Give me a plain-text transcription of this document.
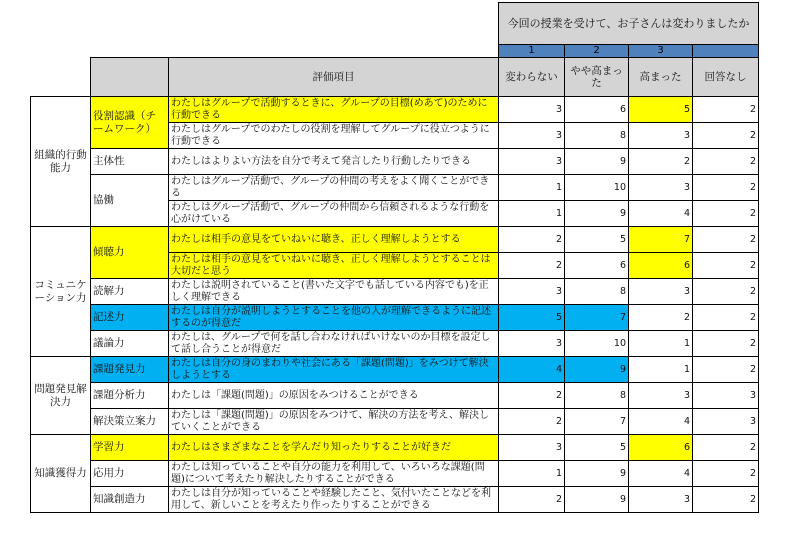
			今回の授業を受けて、お子さんは変わりましたか			
			1	2	3	
		評価項目	変わらない	やや高まった	高まった	回答なし
組織的行動能力	役割認識（チームワーク）	わたしはグループで活動するときに、グループの目標(めあて)のために行動できる	3	6	5	2
		わたしはグループでのわたしの役割を理解してグループに役立つように行動できる	3	8	3	2
	主体性	わたしはよりよい方法を自分で考えて発言したり行動したりできる	3	9	2	2
	協働	わたしはグループ活動で、グループの仲間の考えをよく聞くことができる	1	10	3	2
		わたしはグループ活動で、グループの仲間から信頼されるような行動を心がけている	1	9	4	2
コミュニケーション力	傾聴力	わたしは相手の意見をていねいに聴き、正しく理解しようとする	2	5	7	2
		わたしは相手の意見をていねいに聴き、正しく理解しようとすることは大切だと思う	2	6	6	2
	読解力	わたしは説明されていること(書いた文字でも話している内容でも)を正しく理解できる	3	8	3	2
	記述力	わたしは自分が説明しようとすることを他の人が理解できるように記述するのが得意だ	5	7	2	2
	議論力	わたしは、グループで何を話し合わなければいけないのか目標を設定して話し合うことが得意だ	3	10	1	2
問題発見解決力	課題発見力	わたしは自分の身のまわりや社会にある「課題(問題)」をみつけて解決しようとする	4	9	1	2
	課題分析力	わたしは「課題(問題)」の原因をみつけることができる	2	8	3	3
	解決策立案力	わたしは「課題(問題)」の原因をみつけて、解決の方法を考え、解決していくことができる	2	7	4	3
知識獲得力	学習力	わたしはさまざまなことを学んだり知ったりすることが好きだ	3	5	6	2
	応用力	わたしは知っていることや自分の能力を利用して、いろいろな課題(問題)について考えたり解決したりすることができる	1	9	4	2
	知識創造力	わたしは自分が知っていることや経験したこと、気付いたことなどを利用して、新しいことを考えたり作ったりすることができる	2	9	3	2
